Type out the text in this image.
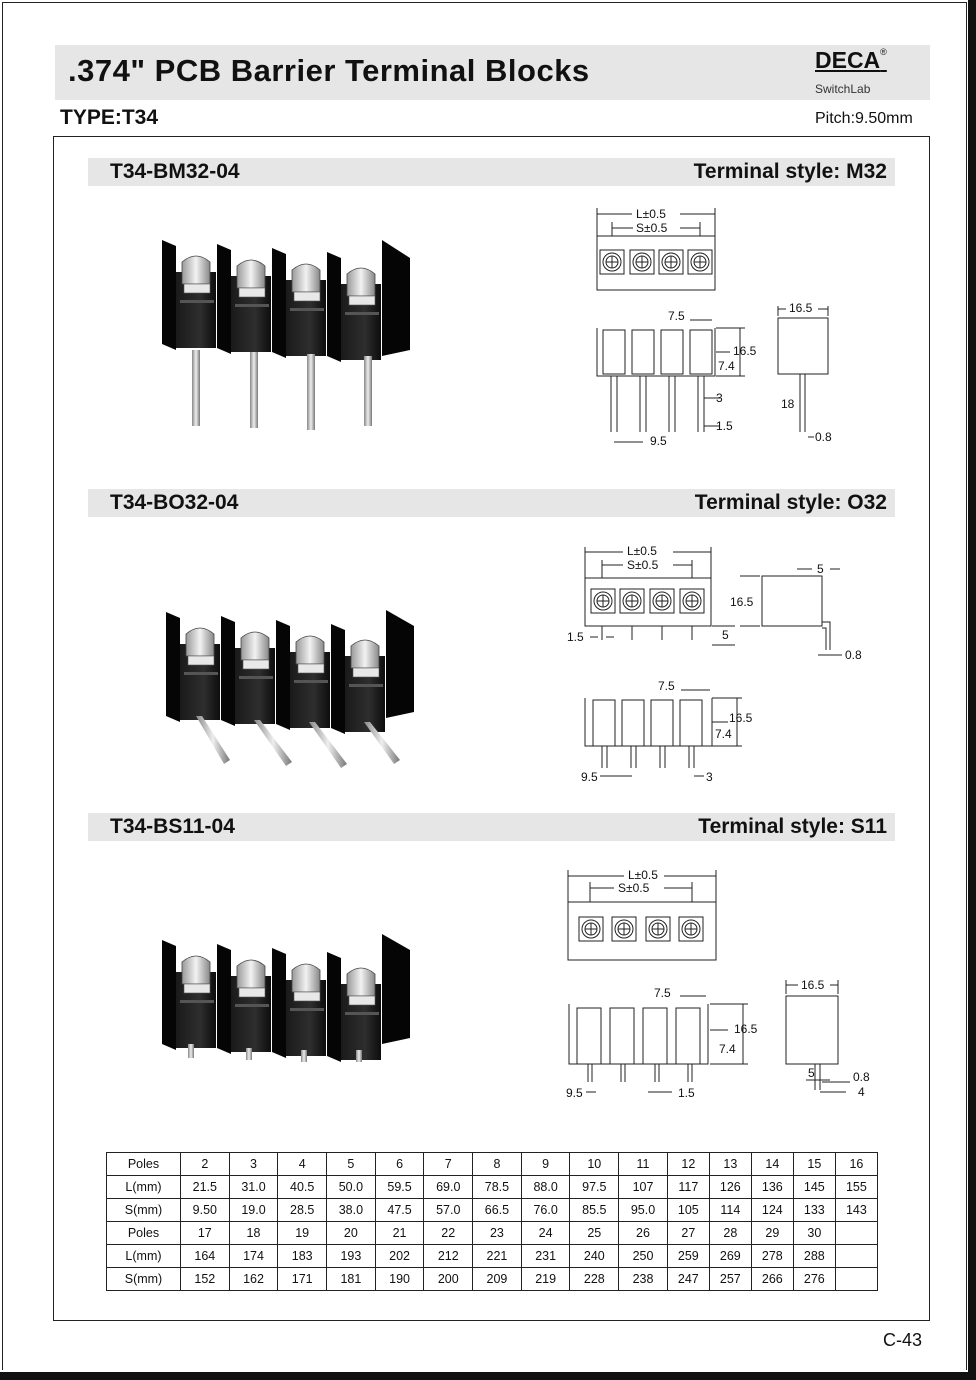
.374" PCB Barrier Terminal Blocks	DECA®
SwitchLab
TYPE:T34	Pitch:9.50mm
T34-BM32-04	Terminal style: M32
T34-BO32-04	Terminal style: O32
T34-BS11-04	Terminal style: S11
L±0.5
S±0.5
7.5
16.5
7.4
3
1.5
9.5
16.5
18
0.8
L±0.5
S±0.5
1.5	5
16.5
5
0.8
7.5
16.5
7.4
9.5	3
L±0.5
S±0.5
7.5
16.5
7.4
9.5	1.5
16.5
5	0.8
4
Poles	2	3	4	5	6	7	8	9	10	11	12	13	14	15	16
L(mm)	21.5	31.0	40.5	50.0	59.5	69.0	78.5	88.0	97.5	107	117	126	136	145	155
S(mm)	9.50	19.0	28.5	38.0	47.5	57.0	66.5	76.0	85.5	95.0	105	114	124	133	143
Poles	17	18	19	20	21	22	23	24	25	26	27	28	29	30	
L(mm)	164	174	183	193	202	212	221	231	240	250	259	269	278	288	
S(mm)	152	162	171	181	190	200	209	219	228	238	247	257	266	276	
C-43
